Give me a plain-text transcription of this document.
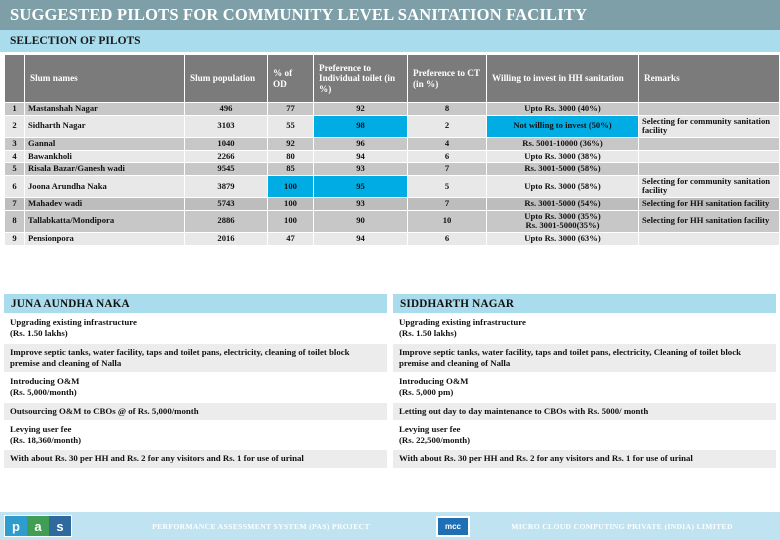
SUGGESTED PILOTS FOR COMMUNITY LEVEL SANITATION FACILITY
SELECTION OF PILOTS
	Slum names	Slum population	% of OD	Preference to Individual toilet (in %)	Preference to CT (in %)	Willing to invest in HH sanitation	Remarks
1	Mastanshah Nagar	496	77	92	8	Upto Rs. 3000 (40%)	
2	Sidharth Nagar	3103	55	98	2	Not willing to invest (50%)	Selecting for community sanitation facility
3	Gannal	1040	92	96	4	Rs. 5001-10000 (36%)	
4	Bawankholi	2266	80	94	6	Upto Rs. 3000 (38%)	
5	Risala Bazar/Ganesh wadi	9545	85	93	7	Rs. 3001-5000 (58%)	
6	Joona Arundha Naka	3879	100	95	5	Upto Rs. 3000 (58%)	Selecting for community sanitation facility
7	Mahadev wadi	5743	100	93	7	Rs. 3001-5000 (54%)	Selecting for HH sanitation facility
8	Tallabkatta/Mondipora	2886	100	90	10	Upto Rs. 3000 (35%)
Rs. 3001-5000(35%)	Selecting for HH sanitation facility
9	Pensionpora	2016	47	94	6	Upto Rs. 3000 (63%)	
JUNA AUNDHA NAKA
Upgrading existing infrastructure
(Rs. 1.50 lakhs)
Improve septic tanks, water facility, taps and toilet pans, electricity, cleaning of toilet block premise and cleaning of Nalla
Introducing O&M
(Rs. 5,000/month)
Outsourcing O&M to CBOs @ of Rs. 5,000/month
Levying user fee
(Rs. 18,360/month)
With about Rs. 30 per HH and Rs. 2 for any visitors and Rs. 1 for use of urinal
SIDDHARTH NAGAR
Upgrading existing infrastructure
(Rs. 1.50 lakhs)
Improve septic tanks, water facility, taps and toilet pans, electricity, Cleaning of toilet block premise and cleaning of Nalla
Introducing O&M
(Rs. 5,000 pm)
Letting out day to day maintenance to CBOs with Rs. 5000/ month
Levying user fee
(Rs. 22,500/month)
With about Rs. 30 per HH and Rs. 2 for any visitors and Rs. 1 for use of urinal
p	a	s	PERFORMANCE ASSESSMENT SYSTEM (PAS) PROJECT	mcc	MICRO CLOUD COMPUTING PRIVATE (INDIA) LIMITED
